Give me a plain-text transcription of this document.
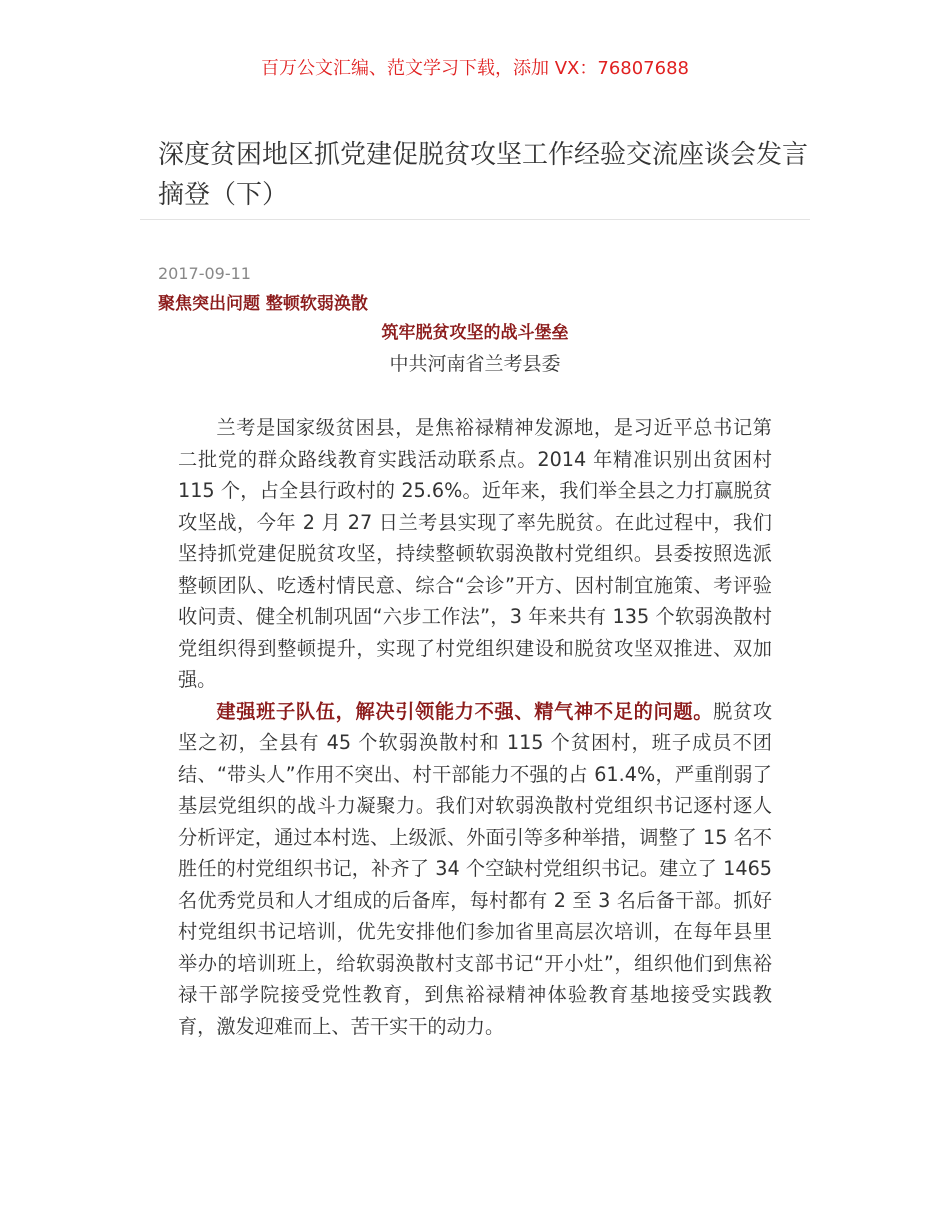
百万公文汇编、范文学习下载，添加 VX：76807688
深度贫困地区抓党建促脱贫攻坚工作经验交流座谈会发言摘登（下）
2017-09-11
聚焦突出问题 整顿软弱涣散
筑牢脱贫攻坚的战斗堡垒
中共河南省兰考县委

兰考是国家级贫困县，是焦裕禄精神发源地，是习近平总书记第二批党的群众路线教育实践活动联系点。2014 年精准识别出贫困村 115 个，占全县行政村的 25.6%。近年来，我们举全县之力打赢脱贫攻坚战，今年 2 月 27 日兰考县实现了率先脱贫。在此过程中，我们坚持抓党建促脱贫攻坚，持续整顿软弱涣散村党组织。县委按照选派整顿团队、吃透村情民意、综合“会诊”开方、因村制宜施策、考评验收问责、健全机制巩固“六步工作法”，3 年来共有 135 个软弱涣散村党组织得到整顿提升，实现了村党组织建设和脱贫攻坚双推进、双加强。

建强班子队伍，解决引领能力不强、精气神不足的问题。脱贫攻坚之初，全县有 45 个软弱涣散村和 115 个贫困村，班子成员不团结、“带头人”作用不突出、村干部能力不强的占 61.4%，严重削弱了基层党组织的战斗力凝聚力。我们对软弱涣散村党组织书记逐村逐人分析评定，通过本村选、上级派、外面引等多种举措，调整了 15 名不胜任的村党组织书记，补齐了 34 个空缺村党组织书记。建立了 1465 名优秀党员和人才组成的后备库，每村都有 2 至 3 名后备干部。抓好村党组织书记培训，优先安排他们参加省里高层次培训，在每年县里举办的培训班上，给软弱涣散村支部书记“开小灶”，组织他们到焦裕禄干部学院接受党性教育，到焦裕禄精神体验教育基地接受实践教育，激发迎难而上、苦干实干的动力。
